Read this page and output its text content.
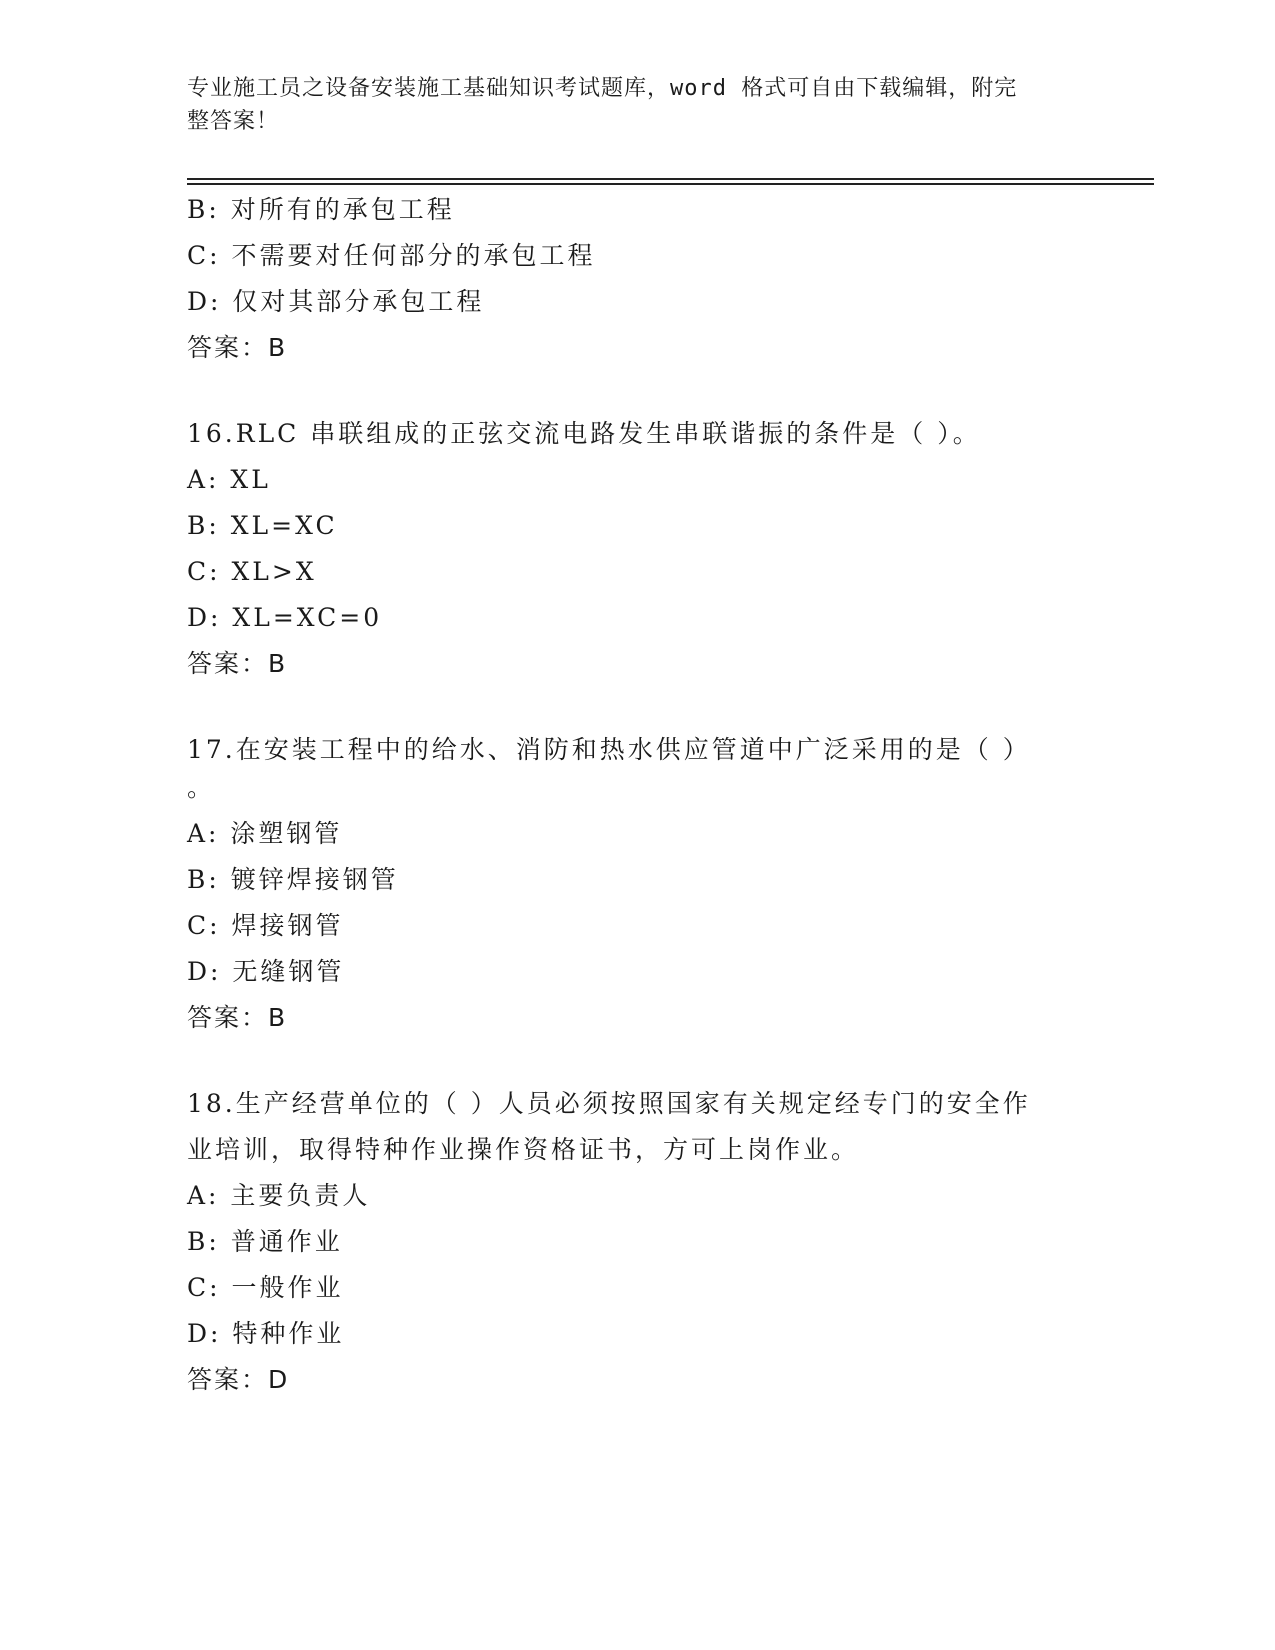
专业施工员之设备安装施工基础知识考试题库，word 格式可自由下载编辑，附完
整答案！
B: 对所有的承包工程
C: 不需要对任何部分的承包工程
D: 仅对其部分承包工程
答案：B
16.RLC 串联组成的正弦交流电路发生串联谐振的条件是（ ）。
A: XL
B: XL=XC
C: XL>X
D: XL=XC=0
答案：B
17.在安装工程中的给水、消防和热水供应管道中广泛采用的是（ ）
。
A: 涂塑钢管
B: 镀锌焊接钢管
C: 焊接钢管
D: 无缝钢管
答案：B
18.生产经营单位的（ ）人员必须按照国家有关规定经专门的安全作
业培训，取得特种作业操作资格证书，方可上岗作业。
A: 主要负责人
B: 普通作业
C: 一般作业
D: 特种作业
答案：D
